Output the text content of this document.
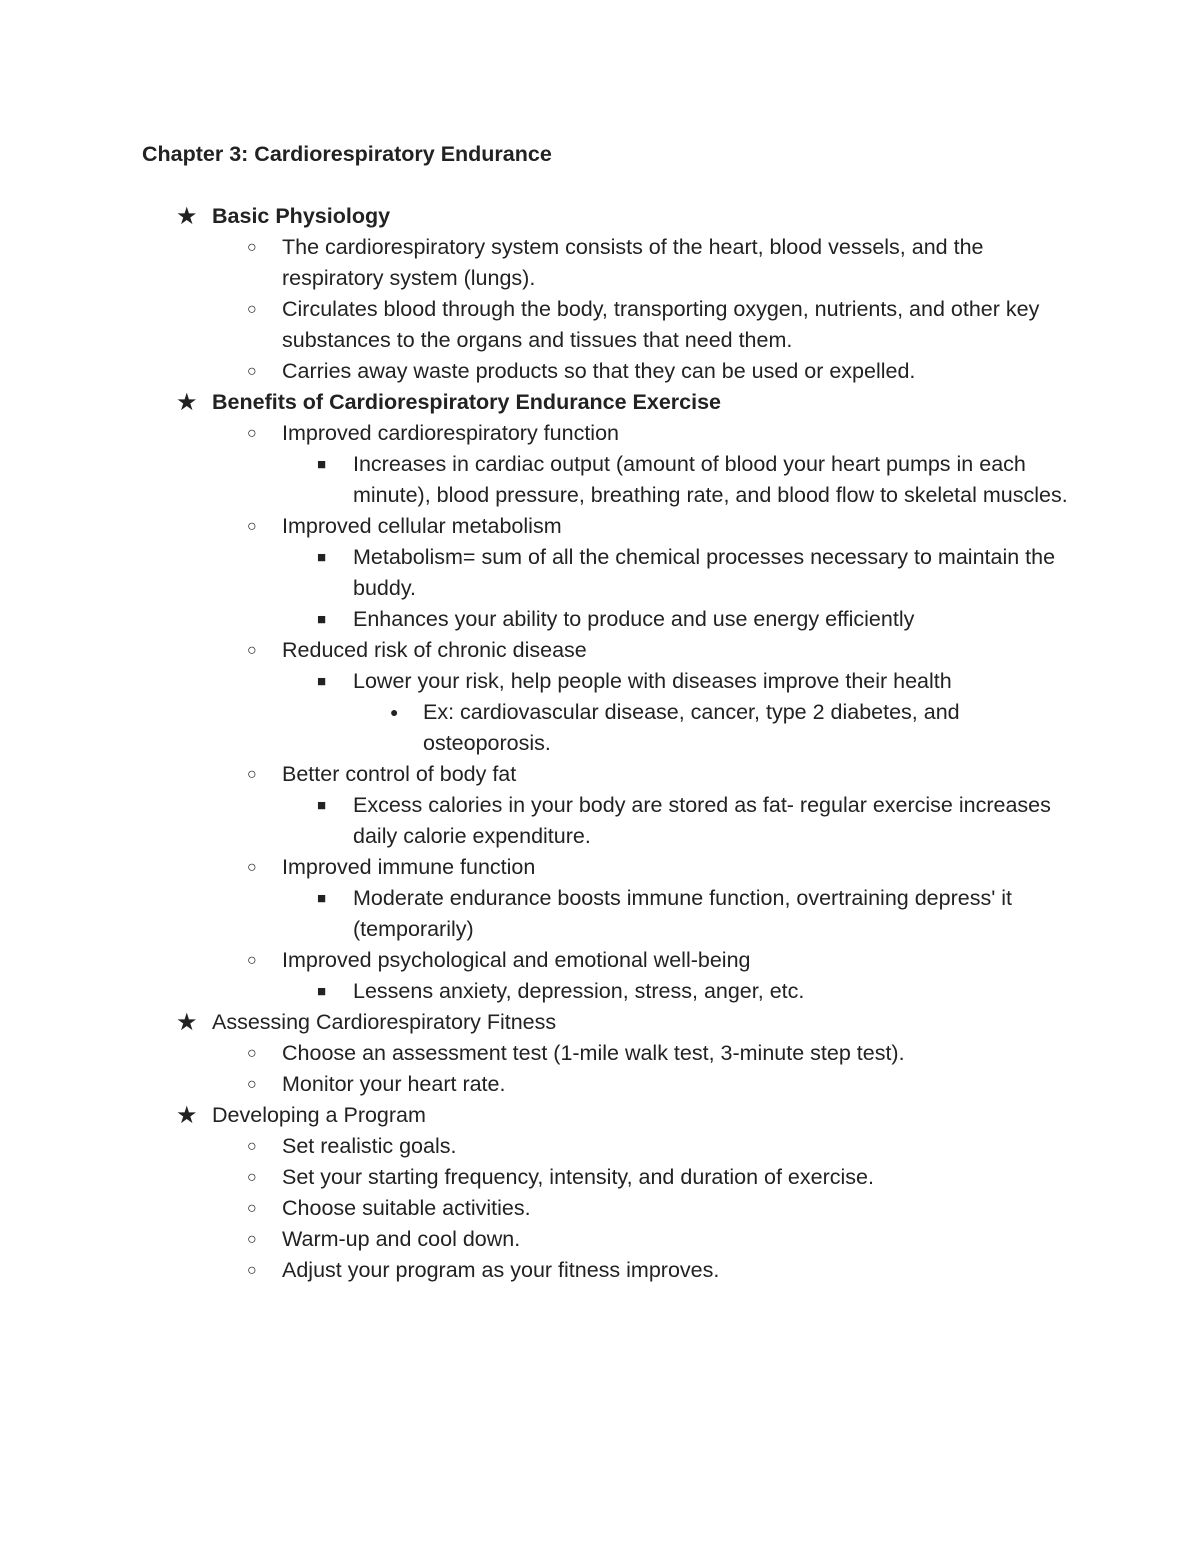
Chapter 3: Cardiorespiratory Endurance
★ Basic Physiology
○ The cardiorespiratory system consists of the heart, blood vessels, and the respiratory system (lungs).
○ Circulates blood through the body, transporting oxygen, nutrients, and other key substances to the organs and tissues that need them.
○ Carries away waste products so that they can be used or expelled.
★ Benefits of Cardiorespiratory Endurance Exercise
○ Improved cardiorespiratory function
■ Increases in cardiac output (amount of blood your heart pumps in each minute), blood pressure, breathing rate, and blood flow to skeletal muscles.
○ Improved cellular metabolism
■ Metabolism= sum of all the chemical processes necessary to maintain the buddy.
■ Enhances your ability to produce and use energy efficiently
○ Reduced risk of chronic disease
■ Lower your risk, help people with diseases improve their health
● Ex: cardiovascular disease, cancer, type 2 diabetes, and osteoporosis.
○ Better control of body fat
■ Excess calories in your body are stored as fat- regular exercise increases daily calorie expenditure.
○ Improved immune function
■ Moderate endurance boosts immune function, overtraining depress' it (temporarily)
○ Improved psychological and emotional well-being
■ Lessens anxiety, depression, stress, anger, etc.
★ Assessing Cardiorespiratory Fitness
○ Choose an assessment test (1-mile walk test, 3-minute step test).
○ Monitor your heart rate.
★ Developing a Program
○ Set realistic goals.
○ Set your starting frequency, intensity, and duration of exercise.
○ Choose suitable activities.
○ Warm-up and cool down.
○ Adjust your program as your fitness improves.
